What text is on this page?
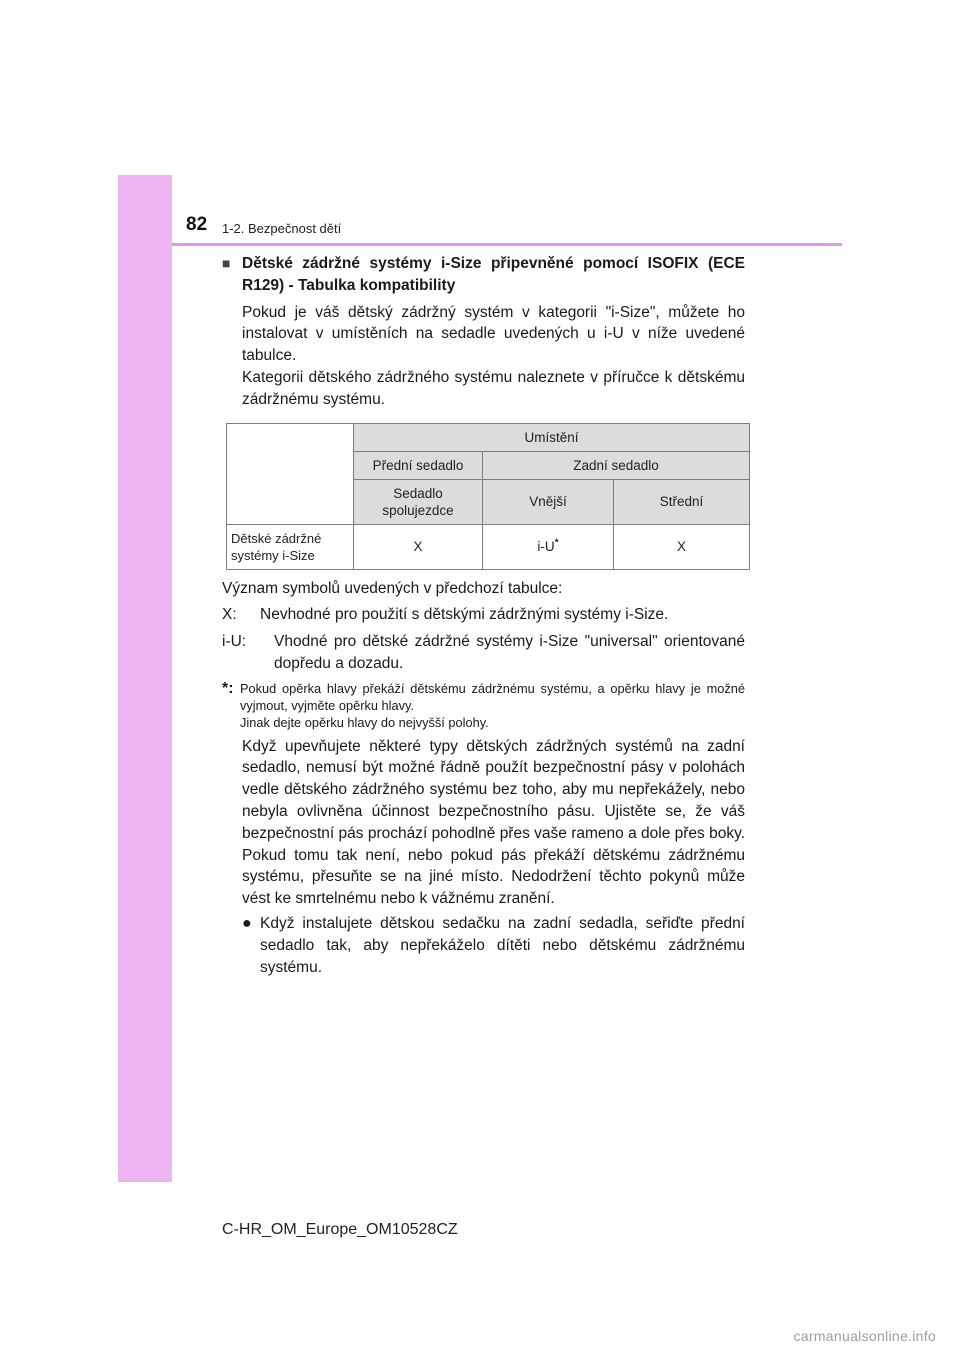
82 1-2. Bezpečnost dětí
■ Dětské zádržné systémy i-Size připevněné pomocí ISOFIX (ECE R129) - Tabulka kompatibility

Pokud je váš dětský zádržný systém v kategorii "i-Size", můžete ho instalovat v umístěních na sedadle uvedených u i-U v níže uvedené tabulce.

Kategorii dětského zádržného systému naleznete v příručce k dětskému zádržnému systému.

	Umístění		
	Přední sedadlo	Zadní sedadlo	
	Sedadlo spolujezdce	Vnější	Střední
Dětské zádržné systémy i-Size	X	i-U*	X

Význam symbolů uvedených v předchozí tabulce:

X:	Nevhodné pro použití s dětskými zádržnými systémy i-Size.
i-U:	Vhodné pro dětské zádržné systémy i-Size "universal" orientované dopředu a dozadu.
*: Pokud opěrka hlavy překáží dětskému zádržnému systému, a opěrku hlavy je možné vyjmout, vyjměte opěrku hlavy.
Jinak dejte opěrku hlavy do nejvyšší polohy.

Když upevňujete některé typy dětských zádržných systémů na zadní sedadlo, nemusí být možné řádně použít bezpečnostní pásy v polohách vedle dětského zádržného systému bez toho, aby mu nepřekážely, nebo nebyla ovlivněna účinnost bezpečnostního pásu. Ujistěte se, že váš bezpečnostní pás prochází pohodlně přes vaše rameno a dole přes boky. Pokud tomu tak není, nebo pokud pás překáží dětskému zádržnému systému, přesuňte se na jiné místo. Nedodržení těchto pokynů může vést ke smrtelnému nebo k vážnému zranění.

● Když instalujete dětskou sedačku na zadní sedadla, seřiďte přední sedadlo tak, aby nepřekáželo dítěti nebo dětskému zádržnému systému.
C-HR_OM_Europe_OM10528CZ
carmanualsonline.info
